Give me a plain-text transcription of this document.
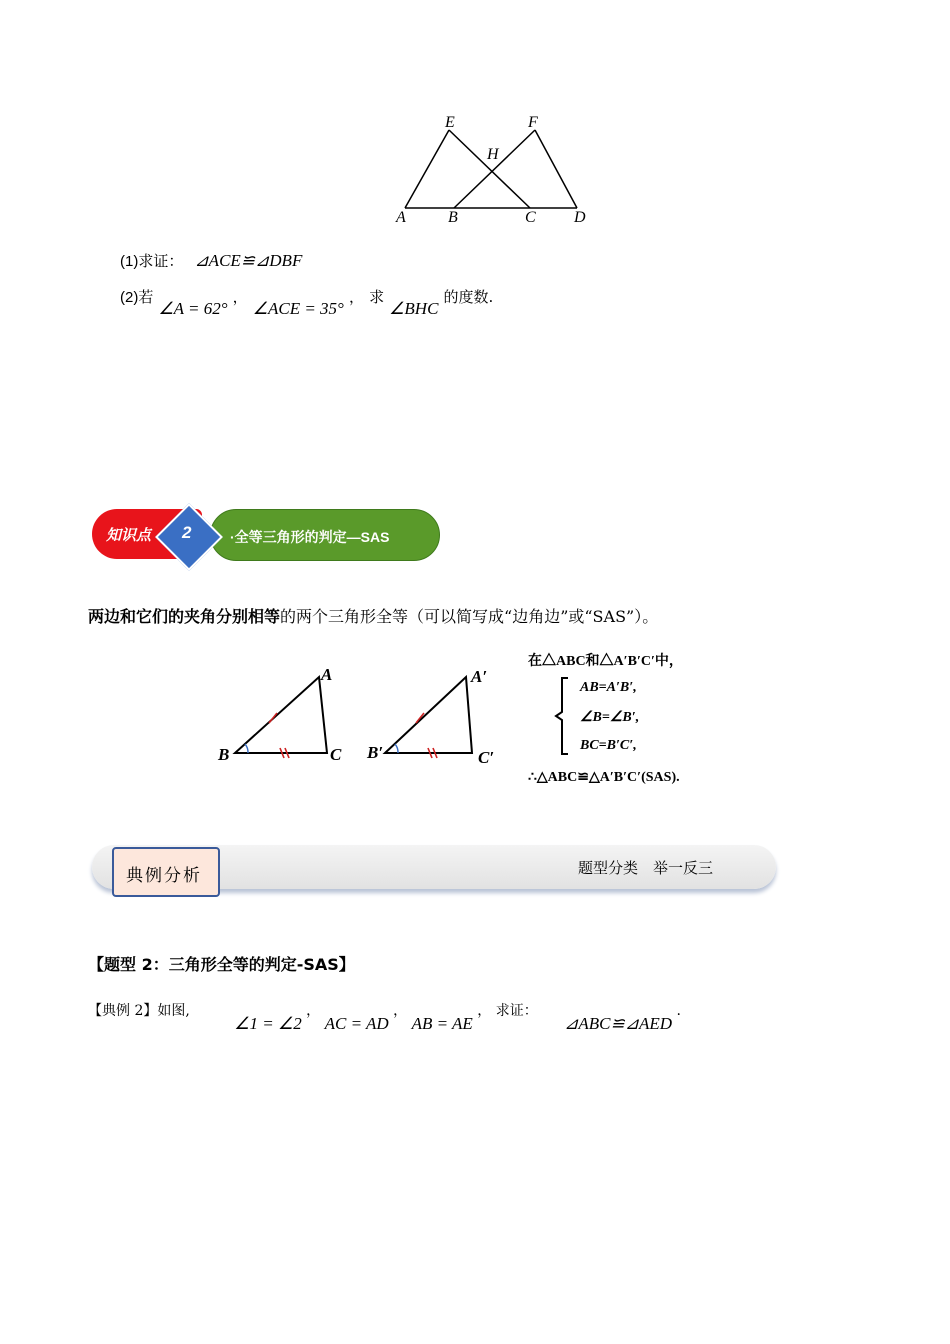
E	F
H
A	B	C D
(1)求证： ⊿ACE≌⊿DBF
(2)若 ∠A = 62° ， ∠ACE = 35° ， 求 ∠BHC 的度数.
知识点 2	·全等三角形的判定—SAS
两边和它们的夹角分别相等的两个三角形全等（可以简写成“边角边”或“SAS”）。
A
B	C
A′
B′	C′
在△ABC和△A′B′C′中，
AB=A′B′,
∠B=∠B′,
BC=B′C′,
∴△ABC≌△A′B′C′(SAS).
典例分析	题型分类　举一反三
【题型 2：三角形全等的判定-SAS】
【典例 2】如图, ∠1 = ∠2 ， AC = AD ， AB = AE ， 求证： ⊿ABC≌⊿AED .
